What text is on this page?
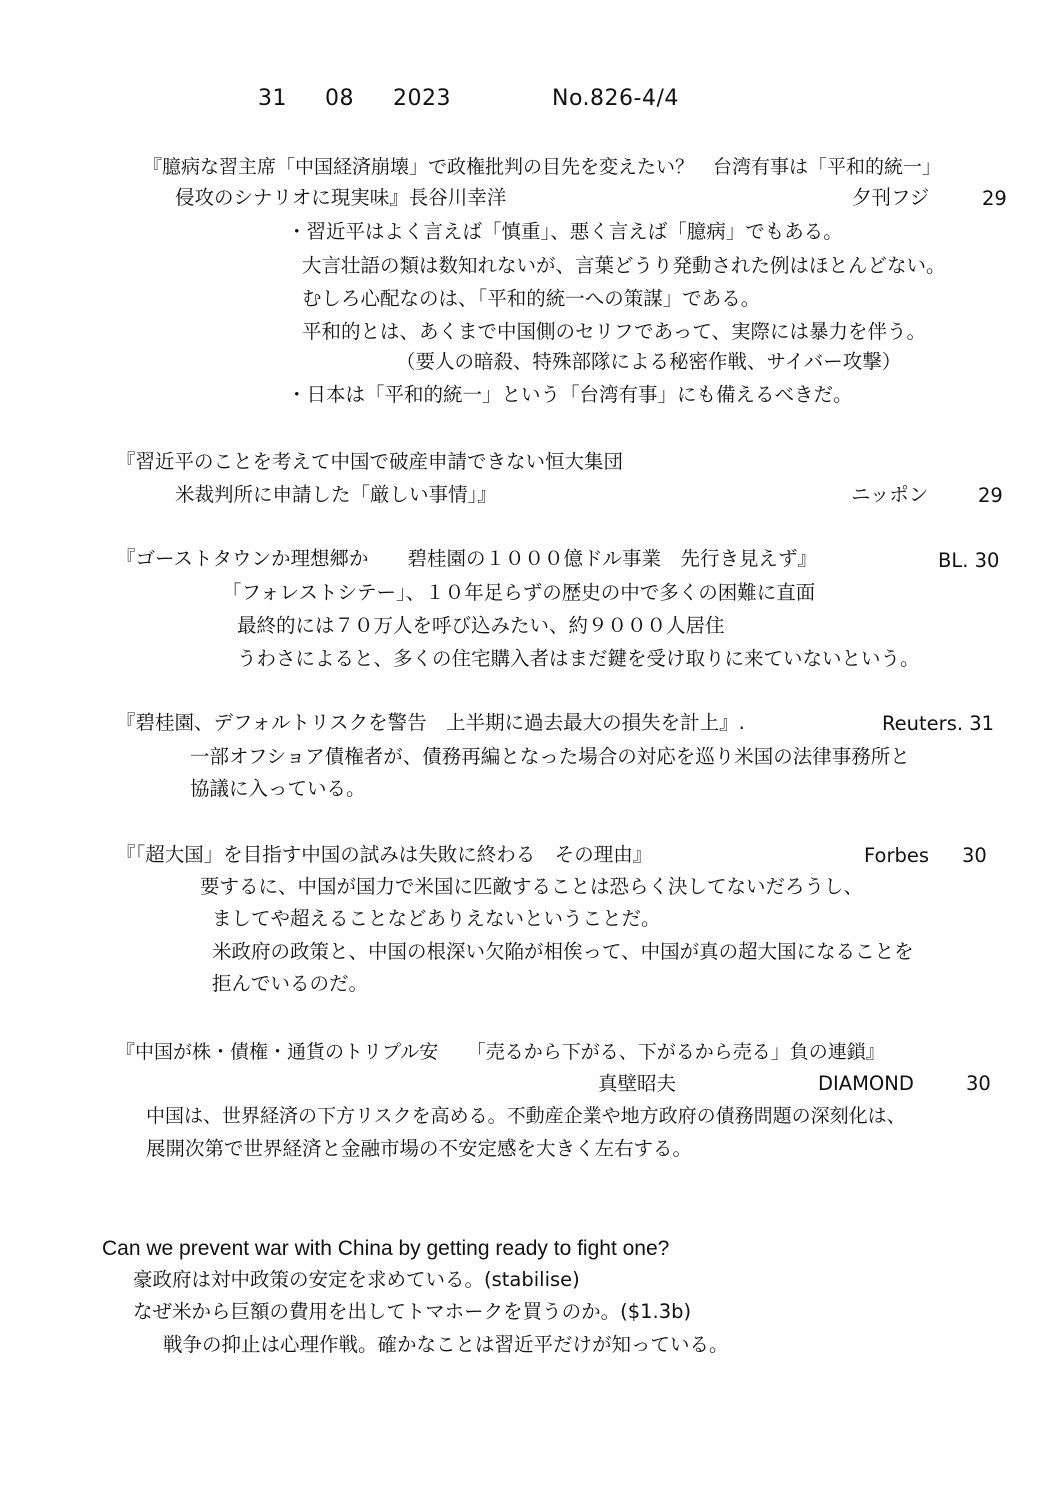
31 08 2023	No.826-4/4
『臆病な習主席「中国経済崩壊」で政権批判の目先を変えたい？　台湾有事は「平和的統一」
侵攻のシナリオに現実味』長谷川幸洋	夕刊フジ	29
・習近平はよく言えば「慎重」、悪く言えば「臆病」でもある。
大言壮語の類は数知れないが、言葉どうり発動された例はほとんどない。
むしろ心配なのは、「平和的統一への策謀」である。
平和的とは、あくまで中国側のセリフであって、実際には暴力を伴う。
（要人の暗殺、特殊部隊による秘密作戦、サイバー攻撃）
・日本は「平和的統一」という「台湾有事」にも備えるべきだ。
『習近平のことを考えて中国で破産申請できない恒大集団
米裁判所に申請した「厳しい事情」』	ニッポン	29
『ゴーストタウンか理想郷か　　碧桂園の１０００億ドル事業　先行き見えず』	BL. 30
「フォレストシテー」、１０年足らずの歴史の中で多くの困難に直面
最終的には７０万人を呼び込みたい、約９０００人居住
うわさによると、多くの住宅購入者はまだ鍵を受け取りに来ていないという。
『碧桂園、デフォルトリスクを警告　上半期に過去最大の損失を計上』.	Reuters. 31
一部オフショア債権者が、債務再編となった場合の対応を巡り米国の法律事務所と
協議に入っている。
『「超大国」を目指す中国の試みは失敗に終わる　その理由』	Forbes 30
要するに、中国が国力で米国に匹敵することは恐らく決してないだろうし、
ましてや超えることなどありえないということだ。
米政府の政策と、中国の根深い欠陥が相俟って、中国が真の超大国になることを
拒んでいるのだ。
『中国が株・債権・通貨のトリプル安　　「売るから下がる、下がるから売る」負の連鎖』
真壁昭夫	DIAMOND	30
中国は、世界経済の下方リスクを高める。不動産企業や地方政府の債務問題の深刻化は、
展開次第で世界経済と金融市場の不安定感を大きく左右する。
Can we prevent war with China by getting ready to fight one?
豪政府は対中政策の安定を求めている。(stabilise)
なぜ米から巨額の費用を出してトマホークを買うのか。($1.3b)
戦争の抑止は心理作戦。確かなことは習近平だけが知っている。
